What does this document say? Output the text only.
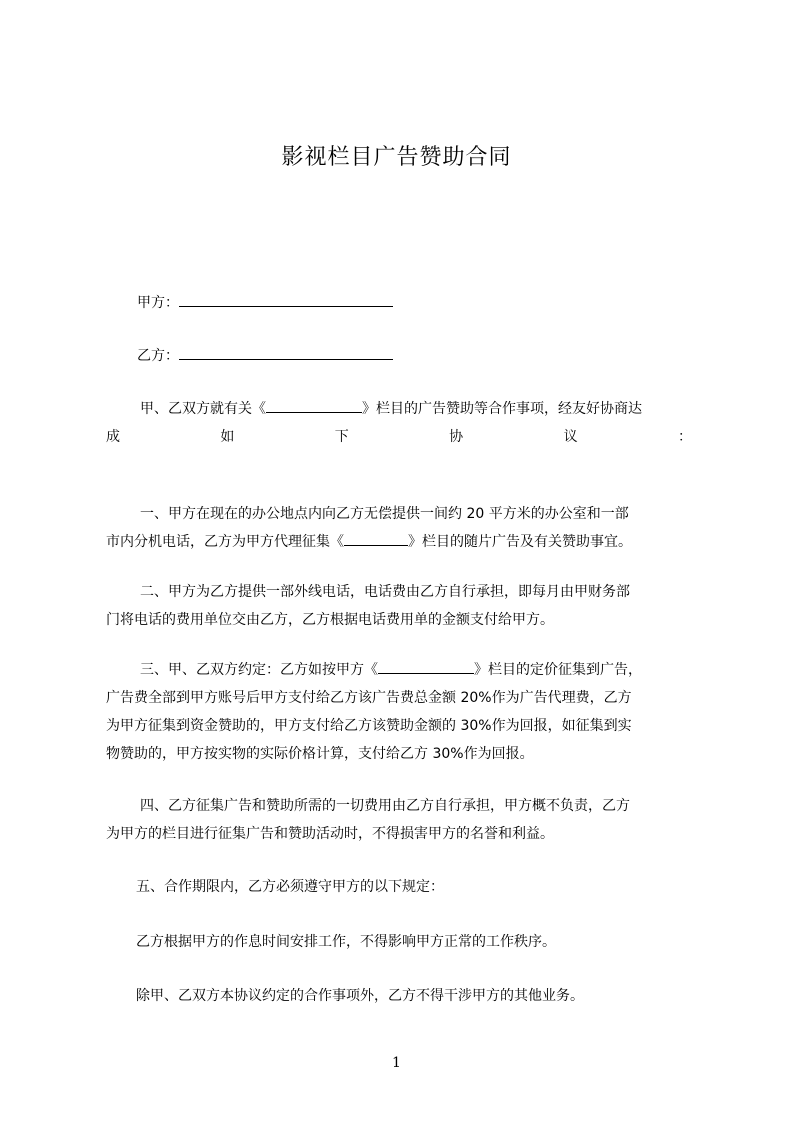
影视栏目广告赞助合同
甲方：
乙方：
甲、乙双方就有关《	》栏目的广告赞助等合作事项，经友好协商达
成	如	下	协	议	：
一、甲方在现在的办公地点内向乙方无偿提供一间约 20 平方米的办公室和一部
市内分机电话，乙方为甲方代理征集《	》栏目的随片广告及有关赞助事宜。
二、甲方为乙方提供一部外线电话，电话费由乙方自行承担，即每月由甲财务部
门将电话的费用单位交由乙方，乙方根据电话费用单的金额支付给甲方。
三、甲、乙双方约定：乙方如按甲方《	》栏目的定价征集到广告，
广告费全部到甲方账号后甲方支付给乙方该广告费总金额 20%作为广告代理费，乙方
为甲方征集到资金赞助的，甲方支付给乙方该赞助金额的 30%作为回报，如征集到实
物赞助的，甲方按实物的实际价格计算，支付给乙方 30%作为回报。
四、乙方征集广告和赞助所需的一切费用由乙方自行承担，甲方概不负责，乙方
为甲方的栏目进行征集广告和赞助活动时，不得损害甲方的名誉和利益。
五、合作期限内，乙方必须遵守甲方的以下规定：
乙方根据甲方的作息时间安排工作，不得影响甲方正常的工作秩序。
除甲、乙双方本协议约定的合作事项外，乙方不得干涉甲方的其他业务。
1
